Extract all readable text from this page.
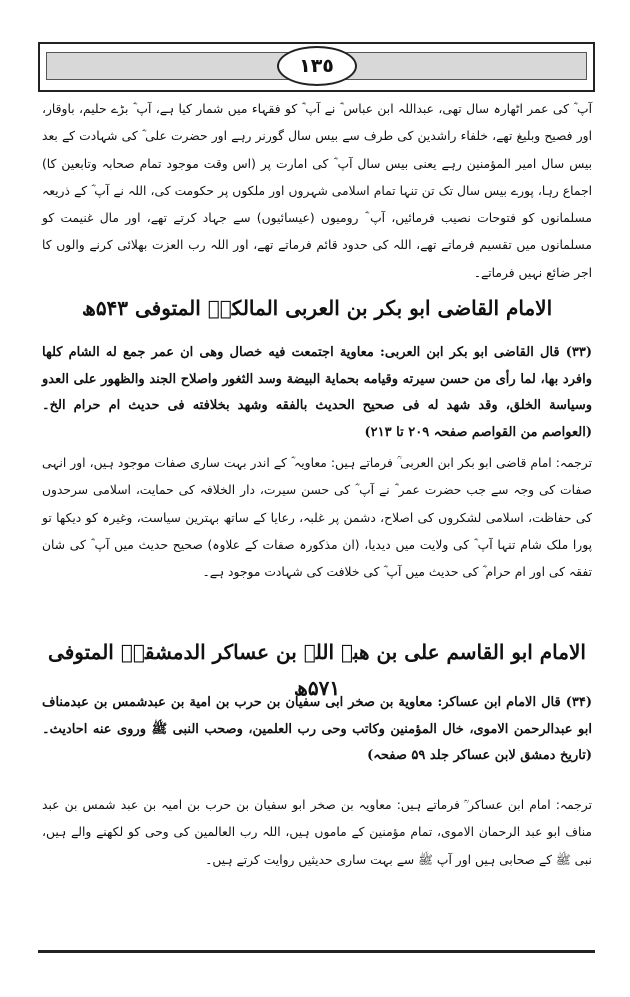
١٣٥
آپ ؓ کی عمر اٹھارہ سال تھی، عبداللہ ابن عباس ؓ نے آپ ؓ کو فقہاء میں شمار کیا ہے، آپ ؓ بڑے حلیم، باوقار، اور فصیح وبلیغ تھے، خلفاء راشدین کی طرف سے بیس سال گورنر رہے اور حضرت علی ؓ کی شہادت کے بعد بیس سال امیر المؤمنین رہے یعنی بیس سال آپ ؓ کی امارت پر (اس وقت موجود تمام صحابہ وتابعین کا) اجماع رہا، پورے بیس سال تک تن تنہا تمام اسلامی شہروں اور ملکوں پر حکومت کی، اللہ نے آپ ؓ کے ذریعہ مسلمانوں کو فتوحات نصیب فرمائیں، آپ ؓ رومیوں (عیسائیوں) سے جہاد کرتے تھے، اور مال غنیمت کو مسلمانوں میں تقسیم فرماتے تھے، اللہ کی حدود قائم فرماتے تھے، اور اللہ رب العزت بھلائی کرنے والوں کا اجر ضائع نہیں فرماتے۔
الامام القاضی ابو بکر بن العربی المالکیؒ المتوفی ۵۴۳ھ
(۳۳) قال القاضی ابو بکر ابن العربی: معاویة اجتمعت فیه خصال وهی ان عمر جمع له الشام كلها وافرد بها، لما رأى من حسن سیرته وقیامه بحمایة البیضة وسد الثغور واصلاح الجند والظهور على العدو وسیاسة الخلق، وقد شهد له فی صحیح الحدیث بالفقه وشهد بخلافته فی حدیث ام حرام الخ۔ (العواصم من القواصم صفحہ ۲۰۹ تا ۲۱۳)
ترجمہ: امام قاضی ابو بکر ابن العربی ؒ فرماتے ہیں: معاویہ ؓ کے اندر بہت ساری صفات موجود ہیں، اور انہی صفات کی وجہ سے جب حضرت عمر ؓ نے آپ ؓ کی حسن سیرت، دار الخلافہ کی حمایت، اسلامی سرحدوں کی حفاظت، اسلامی لشکروں کی اصلاح، دشمن پر غلبہ، رعایا کے ساتھ بہترین سیاست، وغیرہ کو دیکھا تو پورا ملک شام تنہا آپ ؓ کی ولایت میں دیدیا، (ان مذکورہ صفات کے علاوہ) صحیح حدیث میں آپ ؓ کی شان تفقہ کی اور ام حرام ؓ کی حدیث میں آپ ؓ کی خلافت کی شہادت موجود ہے۔
الامام ابو القاسم علی بن ھبۃ اللہ بن عساکر الدمشقیؒ المتوفی ۵۷۱ھ
(۳۴) قال الامام ابن عساكر: معاوية بن صخر ابی سفیان بن حرب بن امیة بن عبدشمس بن عبدمناف ابو عبدالرحمن الاموی، خال المؤمنین وكاتب وحی رب العلمین، وصحب النبی ﷺ وروى عنه احادیث۔ (تاریخ دمشق لابن عساکر جلد ۵۹ صفحہ)
ترجمہ: امام ابن عساکر ؒ فرماتے ہیں: معاویہ بن صخر ابو سفیان بن حرب بن امیہ بن عبد شمس بن عبد مناف ابو عبد الرحمان الاموی، تمام مؤمنین کے ماموں ہیں، اللہ رب العالمین کی وحی کو لکھنے والے ہیں، نبی ﷺ کے صحابی ہیں اور آپ ﷺ سے بہت ساری حدیثیں روایت کرتے ہیں۔
